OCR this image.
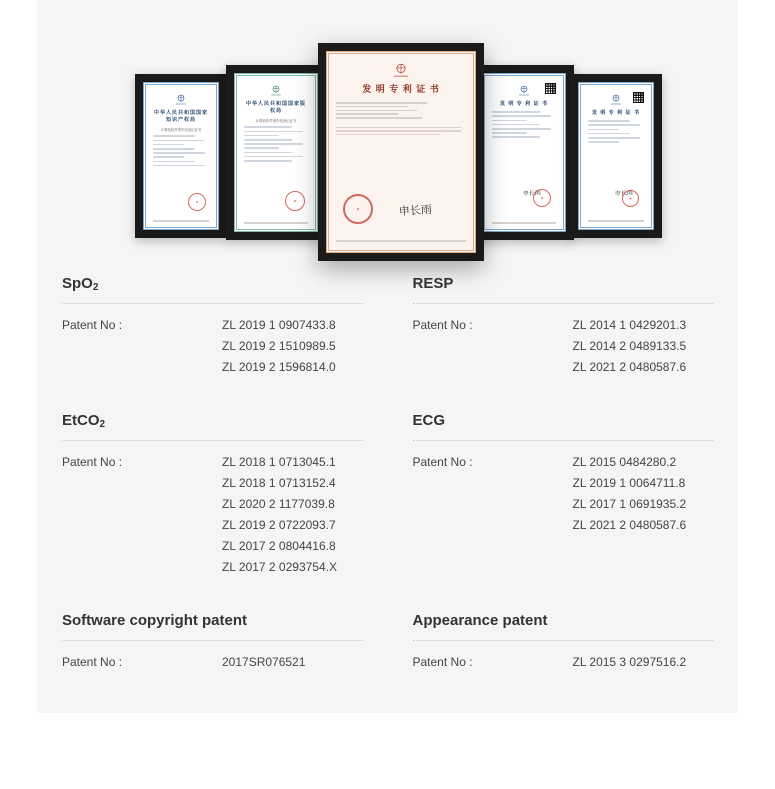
中华人民共和国国家知识产权局
计算机软件著作权登记证书
中华人民共和国国家版权局
计算机软件著作权登记证书
发 明 专 利 证 书
申长雨
发 明 专 利 证 书
申长雨
发 明 专 利 证 书
申长雨
SpO$_2$
Patent No :	ZL 2019 1 0907433.8
ZL 2019 2 1510989.5
ZL 2019 2 1596814.0
RESP
Patent No :	ZL 2014 1 0429201.3
ZL 2014 2 0489133.5
ZL 2021 2 0480587.6
EtCO$_2$
Patent No :	ZL 2018 1 0713045.1
ZL 2018 1 0713152.4
ZL 2020 2 1177039.8
ZL 2019 2 0722093.7
ZL 2017 2 0804416.8
ZL 2017 2 0293754.X
ECG
Patent No :	ZL 2015 0484280.2
ZL 2019 1 0064711.8
ZL 2017 1 0691935.2
ZL 2021 2 0480587.6
Software copyright patent
Patent No :	2017SR076521
Appearance patent
Patent No :	ZL 2015 3 0297516.2
